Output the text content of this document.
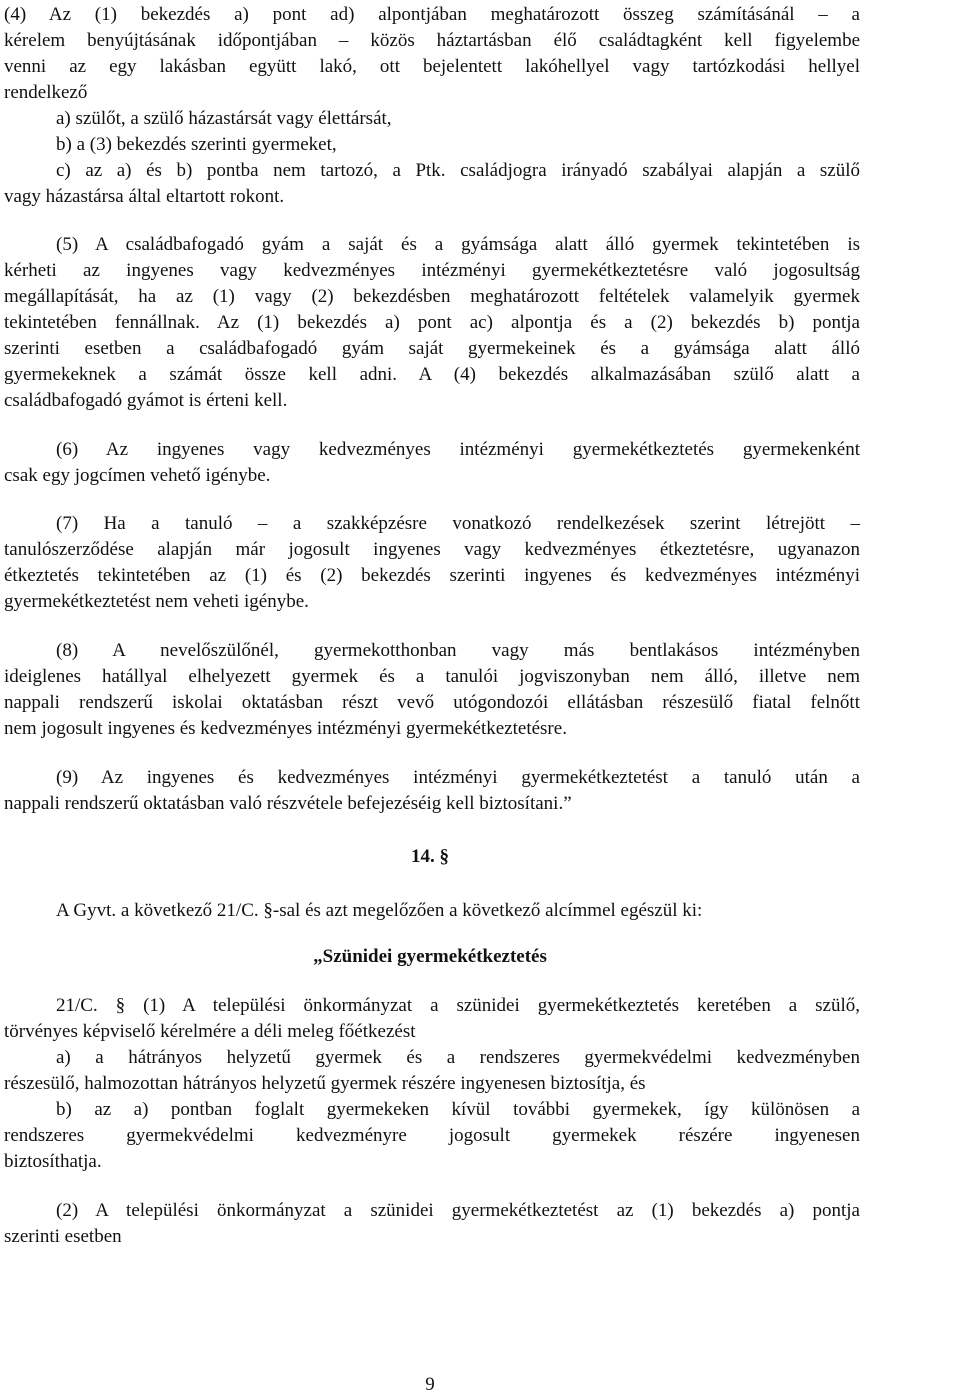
(4) Az (1) bekezdés a) pont ad) alpontjában meghatározott összeg számításánál – a
kérelem benyújtásának időpontjában – közös háztartásban élő családtagként kell figyelembe
venni az egy lakásban együtt lakó, ott bejelentett lakóhellyel vagy tartózkodási hellyel
rendelkező
a) szülőt, a szülő házastársát vagy élettársát,
b) a (3) bekezdés szerinti gyermeket,
c) az a) és b) pontba nem tartozó, a Ptk. családjogra irányadó szabályai alapján a szülő
vagy házastársa által eltartott rokont.
(5) A családbafogadó gyám a saját és a gyámsága alatt álló gyermek tekintetében is
kérheti az ingyenes vagy kedvezményes intézményi gyermekétkeztetésre való jogosultság
megállapítását, ha az (1) vagy (2) bekezdésben meghatározott feltételek valamelyik gyermek
tekintetében fennállnak. Az (1) bekezdés a) pont ac) alpontja és a (2) bekezdés b) pontja
szerinti esetben a családbafogadó gyám saját gyermekeinek és a gyámsága alatt álló
gyermekeknek a számát össze kell adni. A (4) bekezdés alkalmazásában szülő alatt a
családbafogadó gyámot is érteni kell.
(6) Az ingyenes vagy kedvezményes intézményi gyermekétkeztetés gyermekenként
csak egy jogcímen vehető igénybe.
(7) Ha a tanuló – a szakképzésre vonatkozó rendelkezések szerint létrejött –
tanulószerződése alapján már jogosult ingyenes vagy kedvezményes étkeztetésre, ugyanazon
étkeztetés tekintetében az (1) és (2) bekezdés szerinti ingyenes és kedvezményes intézményi
gyermekétkeztetést nem veheti igénybe.
(8) A nevelőszülőnél, gyermekotthonban vagy más bentlakásos intézményben
ideiglenes hatállyal elhelyezett gyermek és a tanulói jogviszonyban nem álló, illetve nem
nappali rendszerű iskolai oktatásban részt vevő utógondozói ellátásban részesülő fiatal felnőtt
nem jogosult ingyenes és kedvezményes intézményi gyermekétkeztetésre.
(9) Az ingyenes és kedvezményes intézményi gyermekétkeztetést a tanuló után a
nappali rendszerű oktatásban való részvétele befejezéséig kell biztosítani.”
14. §
A Gyvt. a következő 21/C. §-sal és azt megelőzően a következő alcímmel egészül ki:
„Szünidei gyermekétkeztetés
21/C. § (1) A települési önkormányzat a szünidei gyermekétkeztetés keretében a szülő,
törvényes képviselő kérelmére a déli meleg főétkezést
a) a hátrányos helyzetű gyermek és a rendszeres gyermekvédelmi kedvezményben
részesülő, halmozottan hátrányos helyzetű gyermek részére ingyenesen biztosítja, és
b) az a) pontban foglalt gyermekeken kívül további gyermekek, így különösen a
rendszeres gyermekvédelmi kedvezményre jogosult gyermekek részére ingyenesen
biztosíthatja.
(2) A települési önkormányzat a szünidei gyermekétkeztetést az (1) bekezdés a) pontja
szerinti esetben
9
